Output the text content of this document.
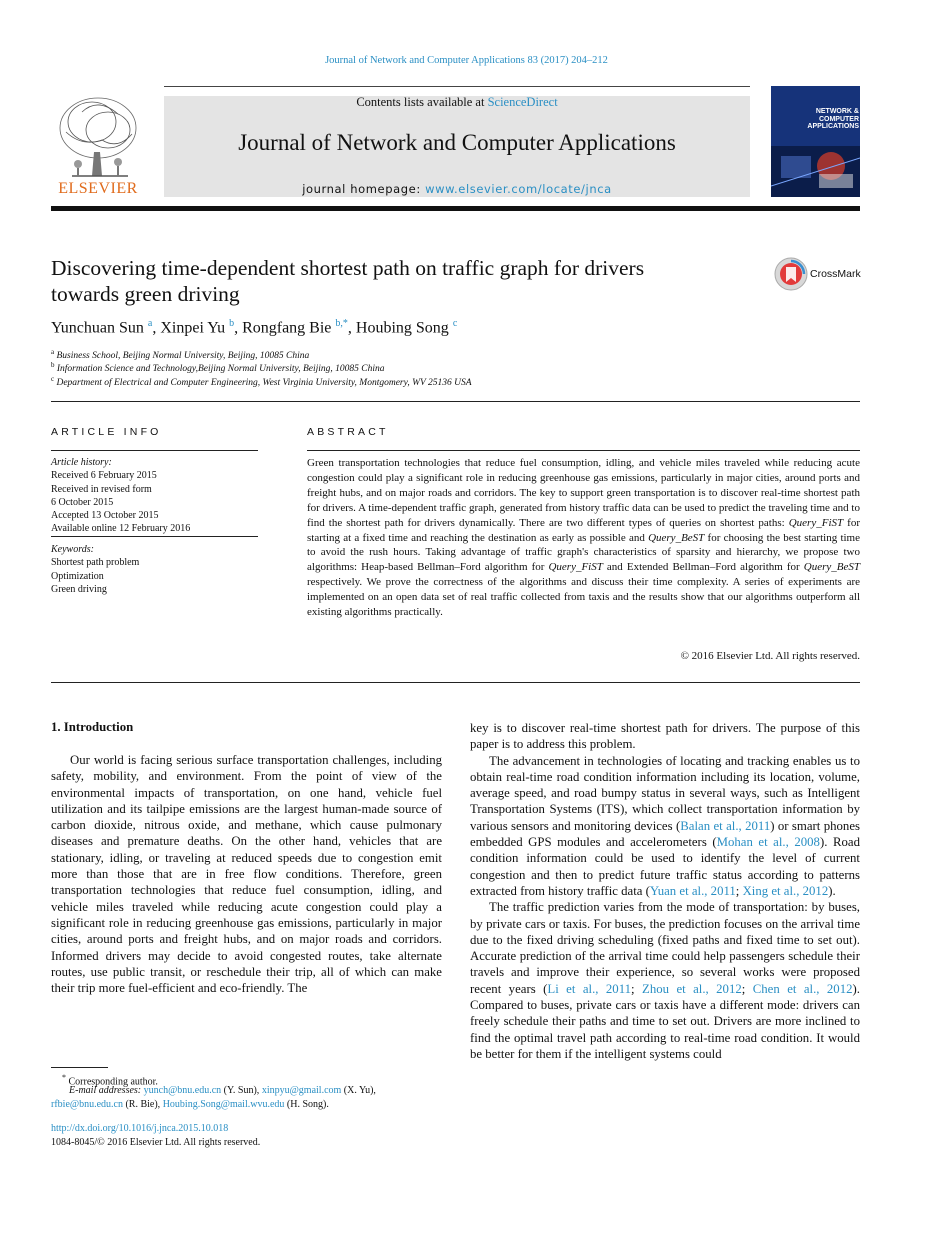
Journal of Network and Computer Applications 83 (2017) 204–212
Contents lists available at ScienceDirect
Journal of Network and Computer Applications
journal homepage: www.elsevier.com/locate/jnca
ELSEVIER
NETWORK &
COMPUTER
APPLICATIONS
Discovering time-dependent shortest path on traffic graph for drivers
towards green driving
CrossMark
Yunchuan Sun $^a$, Xinpei Yu $^b$, Rongfang Bie $^{b,*}$, Houbing Song $^c$
$^a$ Business School, Beijing Normal University, Beijing, 10085 China
$^b$ Information Science and Technology,Beijing Normal University, Beijing, 10085 China
$^c$ Department of Electrical and Computer Engineering, West Virginia University, Montgomery, WV 25136 USA
ARTICLE INFO
Article history:
Received 6 February 2015
Received in revised form
6 October 2015
Accepted 13 October 2015
Available online 12 February 2016
Keywords:
Shortest path problem
Optimization
Green driving
ABSTRACT
Green transportation technologies that reduce fuel consumption, idling, and vehicle miles traveled while reducing acute congestion could play a significant role in reducing greenhouse gas emissions, particularly in major cities, around ports and freight hubs, and on major roads and corridors. The key to support green transportation is to discover real-time shortest path for drivers. A time-dependent traffic graph, generated from history traffic data can be used to predict the traveling time and to find the shortest path for drivers dynamically. There are two different types of queries on shortest paths: Query_FiST for starting at a fixed time and reaching the destination as early as possible and Query_BeST for choosing the best starting time to avoid the rush hours. Taking advantage of traffic graph's characteristics of sparsity and hierarchy, we propose two algorithms: Heap-based Bellman–Ford algorithm for Query_FiST and Extended Bellman–Ford algorithm for Query_BeST respectively. We prove the correctness of the algorithms and discuss their time complexity. A series of experiments are implemented on an open data set of real traffic collected from taxis and the results show that our algorithms outperform all existing algorithms practically.
© 2016 Elsevier Ltd. All rights reserved.
1. Introduction

Our world is facing serious surface transportation challenges, including safety, mobility, and environment. From the point of view of the environmental impacts of transportation, on one hand, vehicle fuel utilization and its tailpipe emissions are the largest human-made source of carbon dioxide, nitrous oxide, and methane, which cause pulmonary diseases and premature deaths. On the other hand, vehicles that are stationary, idling, or traveling at reduced speeds due to congestion emit more than those that are in free flow conditions. Therefore, green transportation technologies that reduce fuel consumption, idling, and vehicle miles traveled while reducing acute congestion could play a significant role in reducing greenhouse gas emissions, particularly in major cities, around ports and freight hubs, and on major roads and corridors. Informed drivers may decide to avoid congested routes, take alternate routes, use public transit, or reschedule their trip, all of which can make their trip more fuel-efficient and eco-friendly. The

key is to discover real-time shortest path for drivers. The purpose of this paper is to address this problem.

The advancement in technologies of locating and tracking enables us to obtain real-time road condition information including its location, volume, average speed, and road bumpy status in several ways, such as Intelligent Transportation Systems (ITS), which collect transportation information by various sensors and monitoring devices (Balan et al., 2011) or smart phones embedded GPS modules and accelerometers (Mohan et al., 2008). Road condition information could be used to identify the level of current congestion and then to predict future traffic status according to patterns extracted from history traffic data (Yuan et al., 2011; Xing et al., 2012).

The traffic prediction varies from the mode of transportation: by buses, by private cars or taxis. For buses, the prediction focuses on the arrival time due to the fixed driving scheduling (fixed paths and fixed time to set out). Accurate prediction of the arrival time could help passengers schedule their travels and improve their experience, so several works were proposed recent years (Li et al., 2011; Zhou et al., 2012; Chen et al., 2012). Compared to buses, private cars or taxis have a different mode: drivers can freely schedule their paths and time to set out. Drivers are more inclined to find the optimal travel path according to real-time road condition. It would be better for them if the intelligent systems could

* Corresponding author.
E-mail addresses: yunch@bnu.edu.cn (Y. Sun), xinpyu@gmail.com (X. Yu),
rfbie@bnu.edu.cn (R. Bie), Houbing.Song@mail.wvu.edu (H. Song).
http://dx.doi.org/10.1016/j.jnca.2015.10.018
1084-8045/© 2016 Elsevier Ltd. All rights reserved.
